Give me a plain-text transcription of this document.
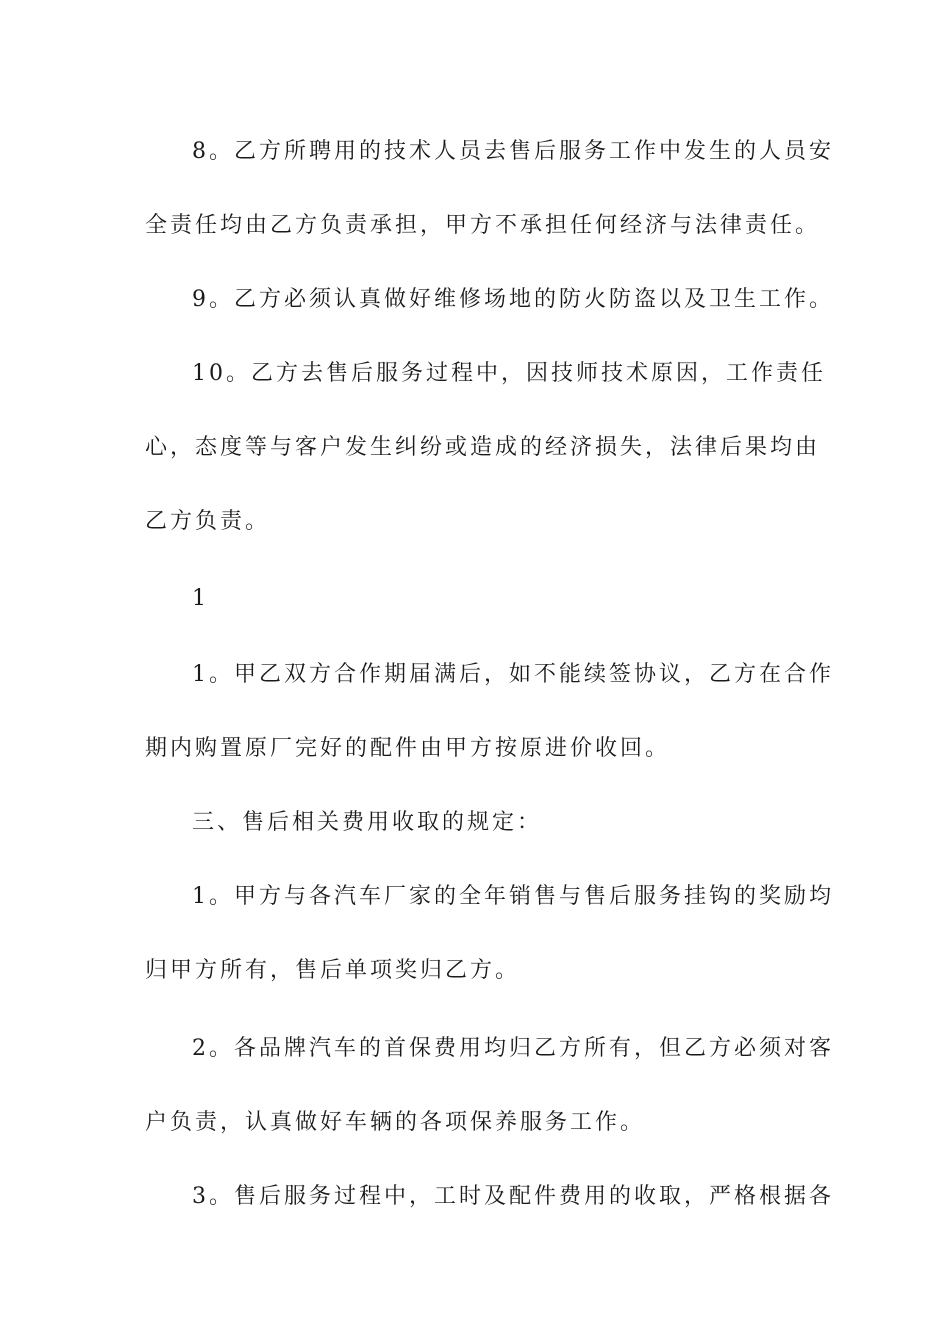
8。乙方所聘用的技术人员去售后服务工作中发生的人员安
全责任均由乙方负责承担，甲方不承担任何经济与法律责任。
9。乙方必须认真做好维修场地的防火防盗以及卫生工作。
10。乙方去售后服务过程中，因技师技术原因，工作责任
心，态度等与客户发生纠纷或造成的经济损失，法律后果均由
乙方负责。
1
1。甲乙双方合作期届满后，如不能续签协议，乙方在合作
期内购置原厂完好的配件由甲方按原进价收回。
三、售后相关费用收取的规定：
1。甲方与各汽车厂家的全年销售与售后服务挂钩的奖励均
归甲方所有，售后单项奖归乙方。
2。各品牌汽车的首保费用均归乙方所有，但乙方必须对客
户负责，认真做好车辆的各项保养服务工作。
3。售后服务过程中，工时及配件费用的收取，严格根据各
